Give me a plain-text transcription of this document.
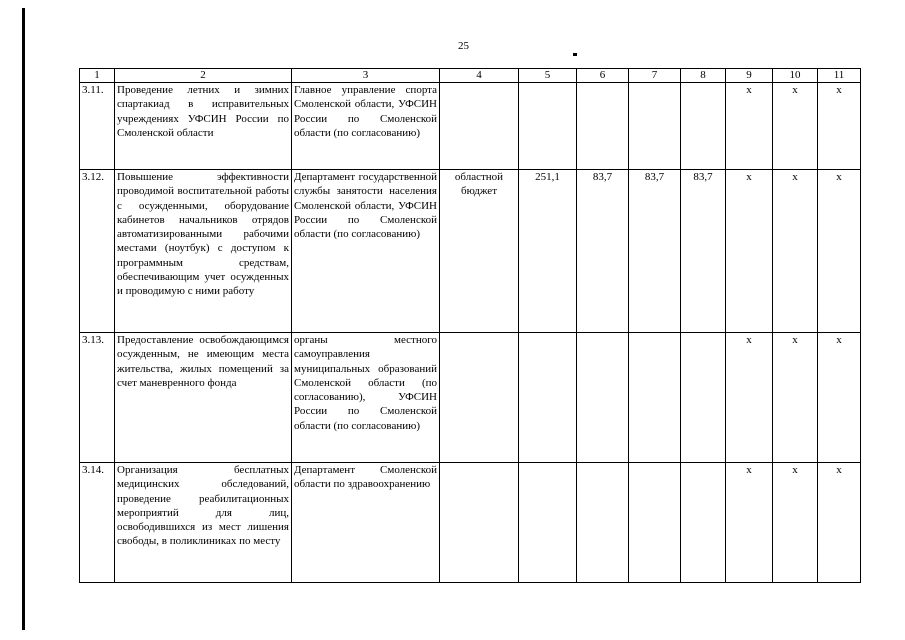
25
1	2	3	4	5	6	7	8	9	10	11
3.11.	Проведение летних и зимних спартакиад в исправительных учреждениях УФСИН России по Смоленской области	Главное управление спорта Смоленской области, УФСИН России по Смоленской области (по согласованию)						х	х	х
3.12.	Повышение эффективности проводимой воспитательной работы с осужденными, оборудование кабинетов начальников отрядов автоматизированными рабочими местами (ноутбук) с доступом к программным средствам, обеспечивающим учет осужденных и проводимую с ними работу	Департамент государственной службы занятости населения Смоленской области, УФСИН России по Смоленской области (по согласованию)	областной бюджет	251,1	83,7	83,7	83,7	х	х	х
3.13.	Предоставление освобождающимся осужденным, не имеющим места жительства, жилых помещений за счет маневренного фонда	органы местного самоуправления муниципальных образований Смоленской области (по согласованию), УФСИН России по Смоленской области (по согласованию)						х	х	х
3.14.	Организация бесплатных медицинских обследований, проведение реабилитационных мероприятий для лиц, освободившихся из мест лишения свободы, в поликлиниках по месту	Департамент Смоленской области по здравоохранению						х	х	х
